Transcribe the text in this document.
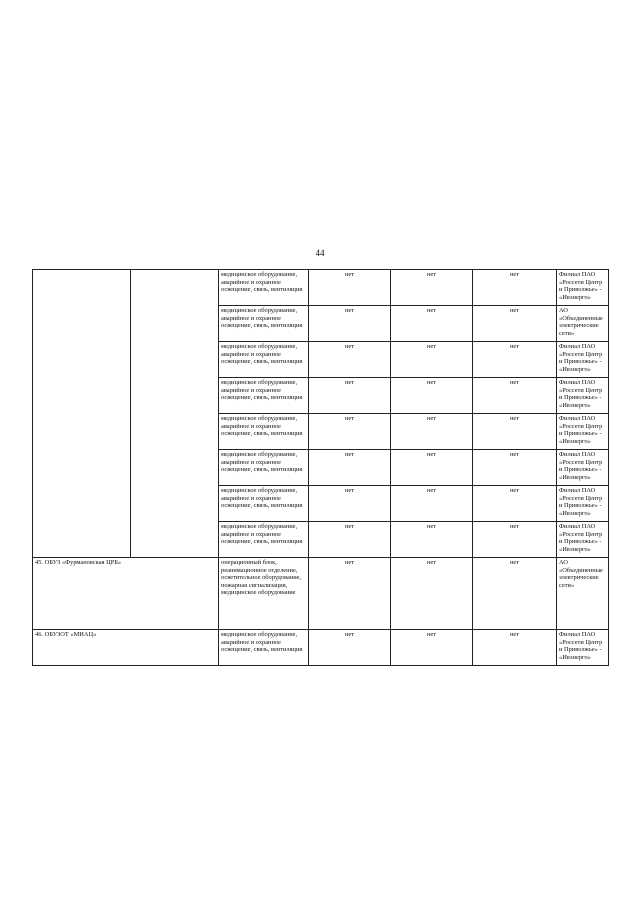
44
		медицинское оборудование, аварийное и охранное освещение, связь, вентиляция	нет	нет	нет	Филиал ПАО «Россети Центр и Приволжье» - «Ивэнерго»
		медицинское оборудование, аварийное и охранное освещение, связь, вентиляция	нет	нет	нет	АО «Объединенные электрические сети»
		медицинское оборудование, аварийное и охранное освещение, связь, вентиляция	нет	нет	нет	Филиал ПАО «Россети Центр и Приволжье» - «Ивэнерго»
		медицинское оборудование, аварийное и охранное освещение, связь, вентиляция	нет	нет	нет	Филиал ПАО «Россети Центр и Приволжье» - «Ивэнерго»
		медицинское оборудование, аварийное и охранное освещение, связь, вентиляция	нет	нет	нет	Филиал ПАО «Россети Центр и Приволжье» - «Ивэнерго»
		медицинское оборудование, аварийное и охранное освещение, связь, вентиляция	нет	нет	нет	Филиал ПАО «Россети Центр и Приволжье» - «Ивэнерго»
		медицинское оборудование, аварийное и охранное освещение, связь, вентиляция	нет	нет	нет	Филиал ПАО «Россети Центр и Приволжье» - «Ивэнерго»
		медицинское оборудование, аварийное и охранное освещение, связь, вентиляция	нет	нет	нет	Филиал ПАО «Россети Центр и Приволжье» - «Ивэнерго»
45. ОБУЗ «Фурмановская ЦРБ»		операционный блок, реанимационное отделение, осветительное оборудование, пожарная сигнализация, медицинское оборудование	нет	нет	нет	АО «Объединенные электрические сети»
46. ОБУЗОТ «МИАЦ»		медицинское оборудование, аварийное и охранное освещение, связь, вентиляция	нет	нет	нет	Филиал ПАО «Россети Центр и Приволжье» - «Ивэнерго»
